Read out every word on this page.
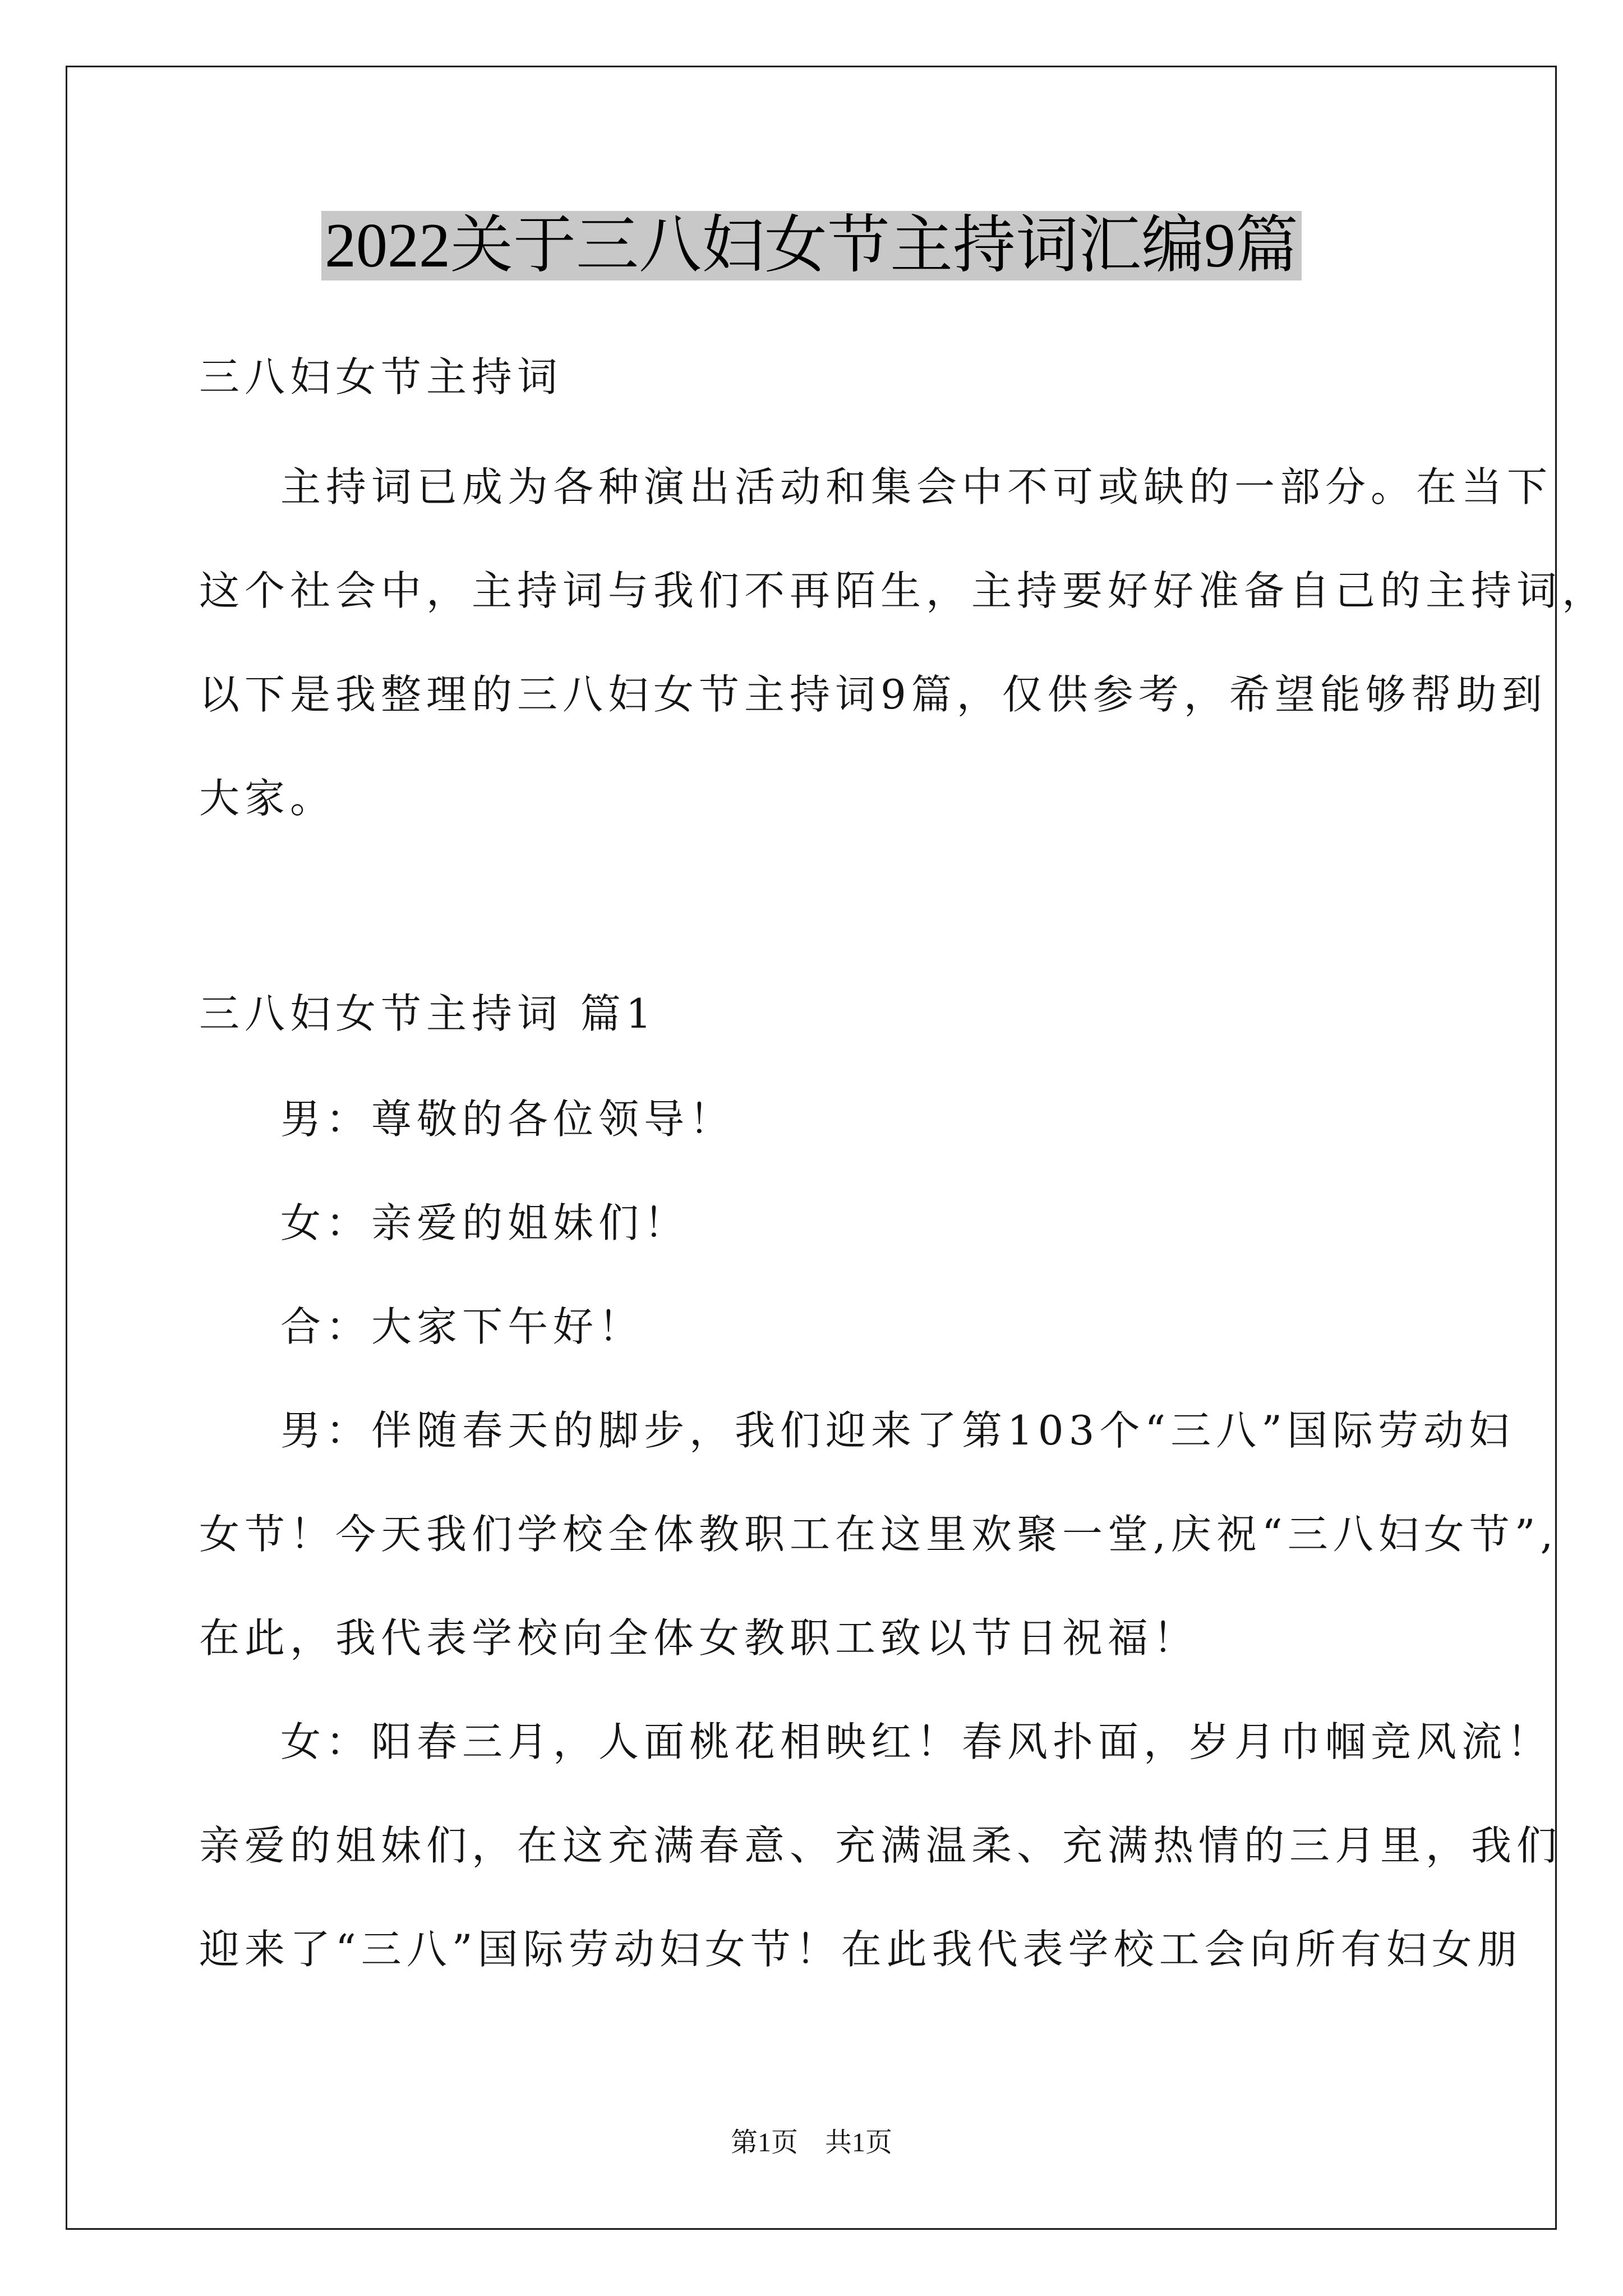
2022关于三八妇女节主持词汇编9篇
三八妇女节主持词
主持词已成为各种演出活动和集会中不可或缺的一部分。在当下
这个社会中，主持词与我们不再陌生，主持要好好准备自己的主持词，
以下是我整理的三八妇女节主持词9篇，仅供参考，希望能够帮助到
大家。
三八妇女节主持词 篇1
男：尊敬的各位领导！
女：亲爱的姐妹们！
合：大家下午好！
男：伴随春天的脚步，我们迎来了第103个“三八”国际劳动妇
女节！今天我们学校全体教职工在这里欢聚一堂,庆祝“三八妇女节”,
在此，我代表学校向全体女教职工致以节日祝福！
女：阳春三月，人面桃花相映红！春风扑面，岁月巾帼竞风流！
亲爱的姐妹们，在这充满春意、充满温柔、充满热情的三月里，我们
迎来了“三八”国际劳动妇女节！在此我代表学校工会向所有妇女朋
第1页　共1页
